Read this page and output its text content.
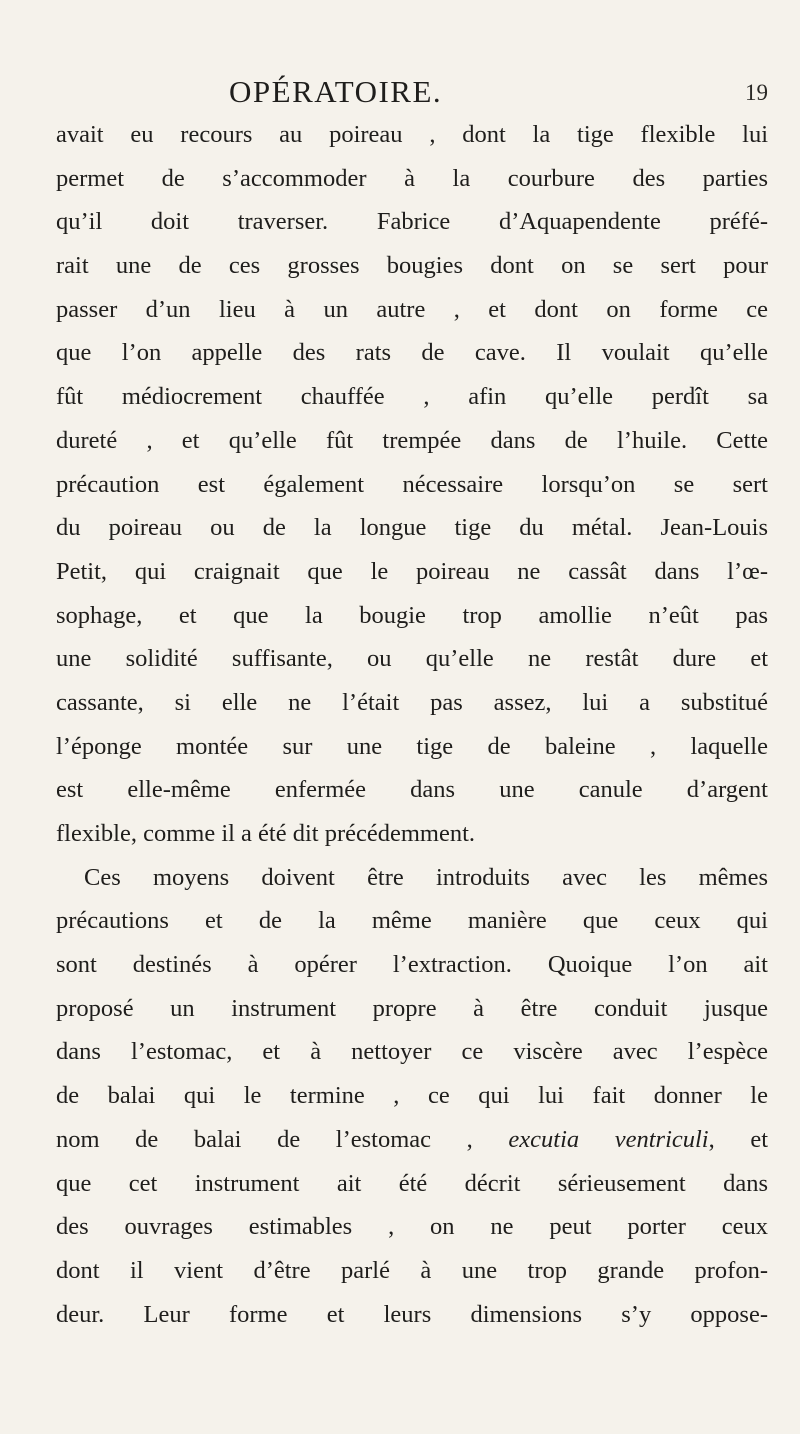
OPÉRATOIRE.	19
avait eu recours au poireau , dont la tige flexible lui
permet de s’accommoder à la courbure des parties
qu’il doit traverser. Fabrice d’Aquapendente préfé-
rait une de ces grosses bougies dont on se sert pour
passer d’un lieu à un autre , et dont on forme ce
que l’on appelle des rats de cave. Il voulait qu’elle
fût médiocrement chauffée , afin qu’elle perdît sa
dureté , et qu’elle fût trempée dans de l’huile. Cette
précaution est également nécessaire lorsqu’on se sert
du poireau ou de la longue tige du métal. Jean-Louis
Petit, qui craignait que le poireau ne cassât dans l’œ-
sophage, et que la bougie trop amollie n’eût pas
une solidité suffisante, ou qu’elle ne restât dure et
cassante, si elle ne l’était pas assez, lui a substitué
l’éponge montée sur une tige de baleine , laquelle
est elle-même enfermée dans une canule d’argent
flexible, comme il a été dit précédemment.
Ces moyens doivent être introduits avec les mêmes
précautions et de la même manière que ceux qui
sont destinés à opérer l’extraction. Quoique l’on ait
proposé un instrument propre à être conduit jusque
dans l’estomac, et à nettoyer ce viscère avec l’espèce
de balai qui le termine , ce qui lui fait donner le
nom de balai de l’estomac , excutia ventriculi, et
que cet instrument ait été décrit sérieusement dans
des ouvrages estimables , on ne peut porter ceux
dont il vient d’être parlé à une trop grande profon-
deur. Leur forme et leurs dimensions s’y oppose-
